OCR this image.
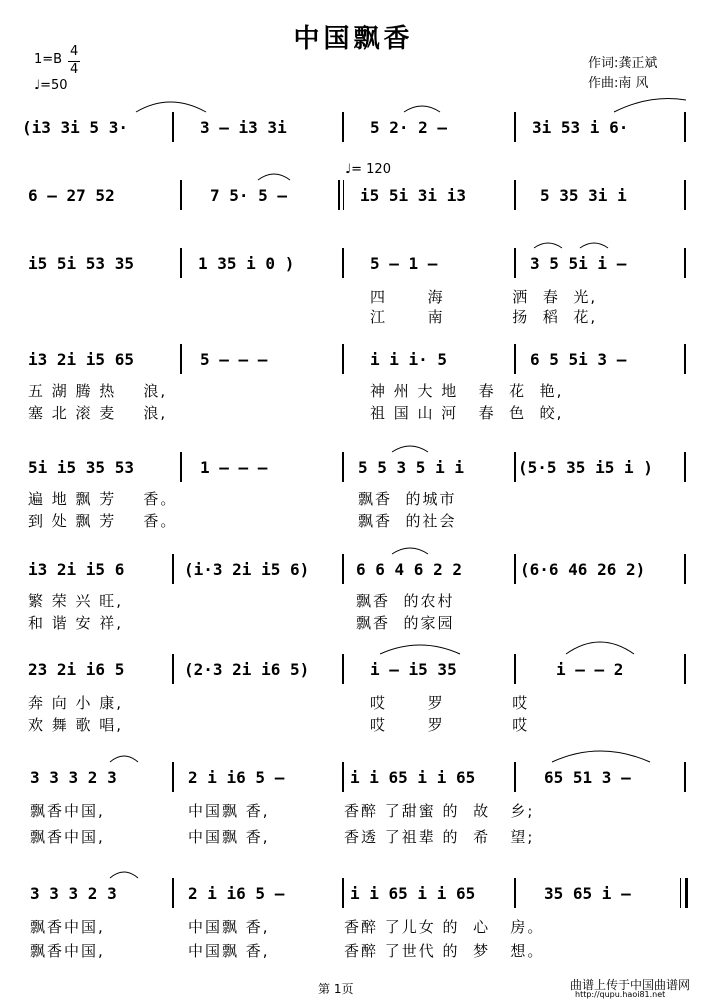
中国飘香
1=B
4
4
♩=50
作词:龚正斌
作曲:南 风
♩= 120
(i3 3i 5 3·	3 – i3 3i	5 2· 2 –	3i 53 i 6·
6 – 27 52	7 5· 5 –	i5 5i 3i i3	5 35 3i i
i5 5i 53 35	1 35 i 0 )	5 – 1 –	3 5 5i i –
四      海          洒  春  光,
江      南          扬  稻  花,
i3 2i i5 65	5 – – –	i i i· 5	6 5 5i 3 –
五 湖 腾 热    浪,
塞 北 滚 麦    浪,
神 州 大 地   春  花  艳,
祖 国 山 河   春  色  皎,
5i i5 35 53	1 – – –	5 5 3 5 i i	(5·5 35 i5 i )
遍 地 飘 芳    香。
到 处 飘 芳    香。
飘香  的城市
飘香  的社会
i3 2i i5 6	(i·3 2i i5 6)	6 6 4 6 2 2	(6·6 46 26 2)
繁 荣 兴 旺,
和 谐 安 祥,
飘香  的农村
飘香  的家园
23 2i i6 5	(2·3 2i i6 5)	i – i5 35	i – – 2
奔 向 小 康,
欢 舞 歌 唱,
哎      罗          哎
哎      罗          哎
3 3 3 2 3	2 i i6 5 –	i i 65 i i 65	65 51 3 –
飘香中国,
飘香中国,
中国飘 香,
中国飘 香,
香醉 了甜蜜 的  故   乡;
香透 了祖辈 的  希   望;
3 3 3 2 3	2 i i6 5 –	i i 65 i i 65	35 65 i –
飘香中国,
飘香中国,
中国飘 香,
中国飘 香,
香醉 了儿女 的  心   房。
香醉 了世代 的  梦   想。
第 1页	曲谱上传于中国曲谱网
http://qupu.haoi81.net
